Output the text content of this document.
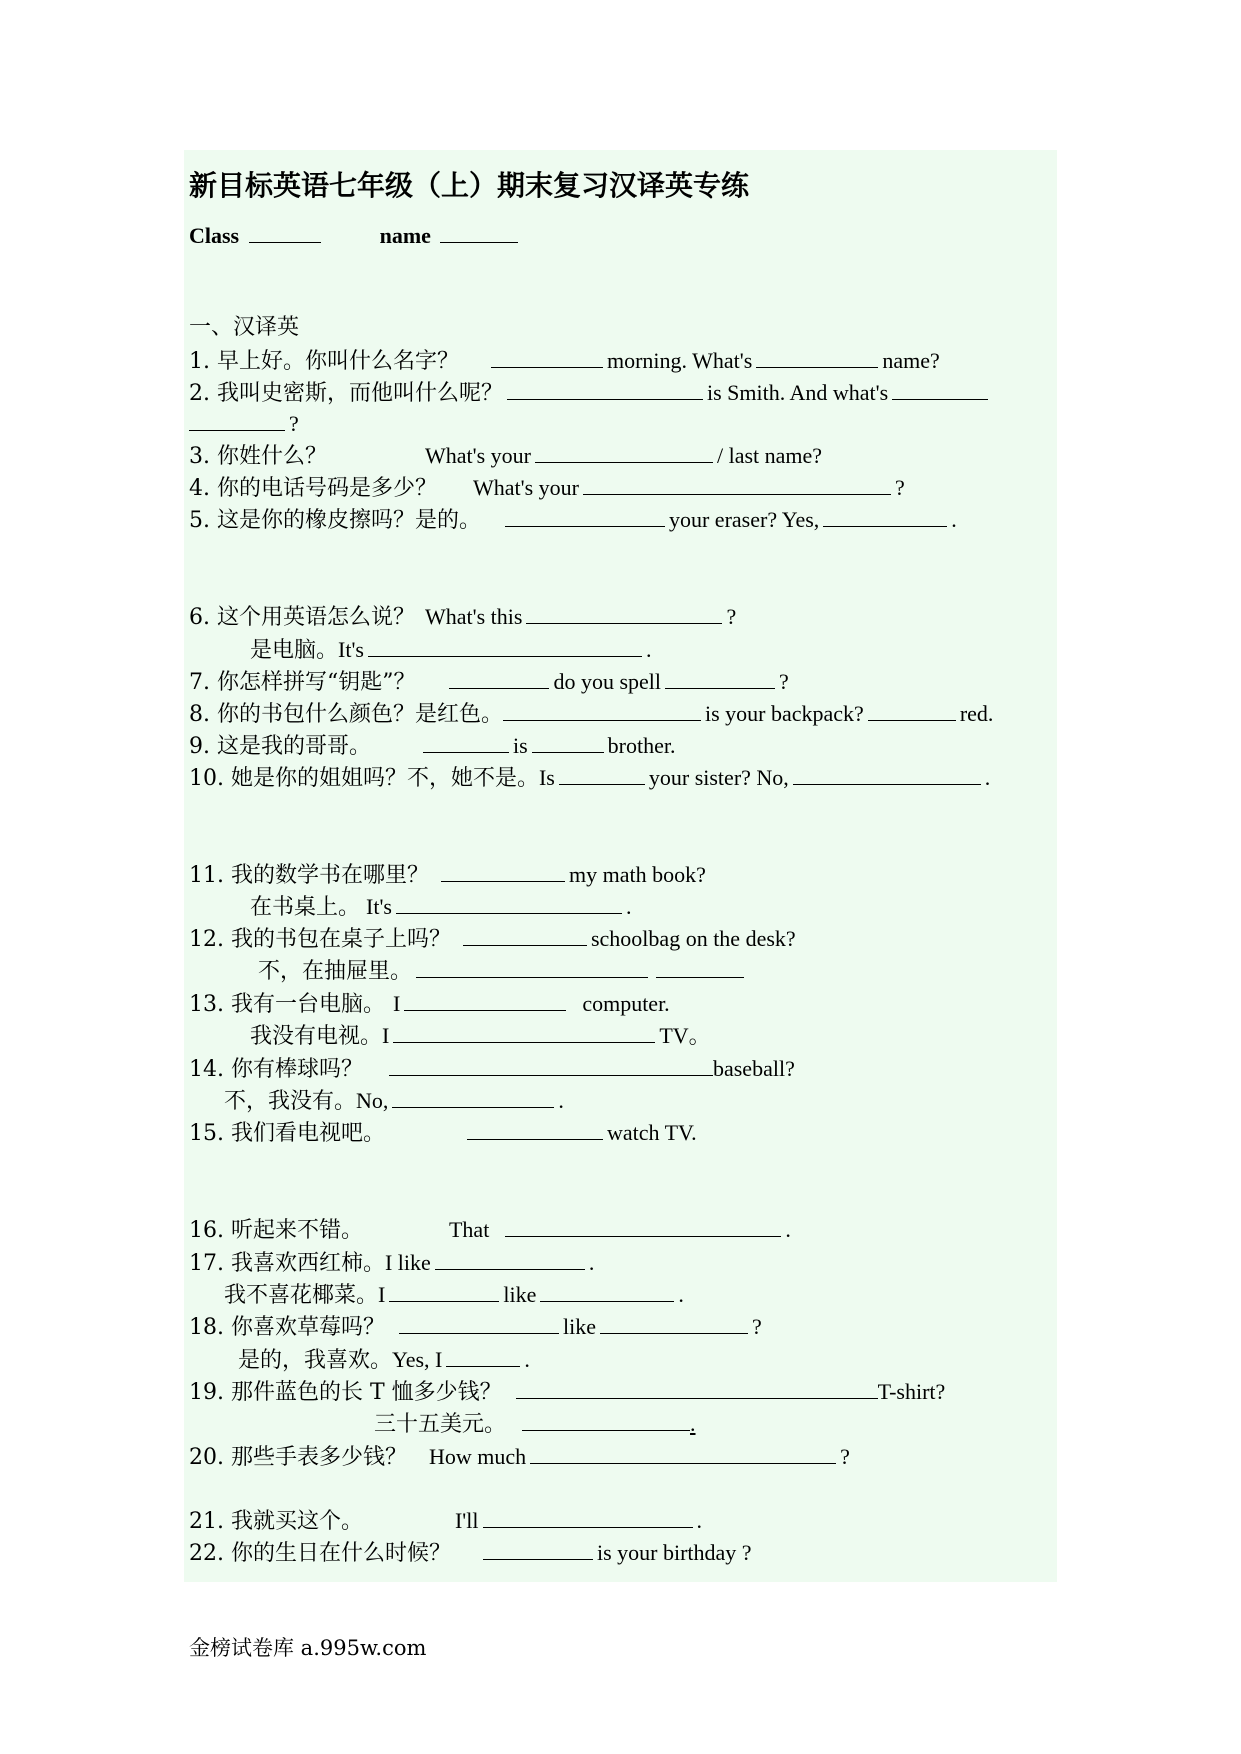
新目标英语七年级（上）期末复习汉译英专练
Class	name
一、汉译英
1. 早上好。你叫什么名字？	morning. What's	name?
2. 我叫史密斯，而他叫什么呢？	is Smith. And what's
?
3. 你姓什么？	What's your	/ last name?
4. 你的电话号码是多少？ What's your	?
5. 这是你的橡皮擦吗？是的。	your eraser? Yes,	.
6. 这个用英语怎么说？ What's this	?
是电脑。It's	.
7. 你怎样拼写“钥匙”？	do you spell	?
8. 你的书包什么颜色？是红色。	is your backpack?	red.
9. 这是我的哥哥。	is	brother.
10. 她是你的姐姐吗？不，她不是。Is	your sister? No,	.
11. 我的数学书在哪里？	my math book?
在书桌上。 It's	.
12. 我的书包在桌子上吗？	schoolbag on the desk?
不，在抽屉里。
13. 我有一台电脑。 I	computer.
我没有电视。I	TV。
14. 你有棒球吗？	baseball?
不，我没有。No,	.
15. 我们看电视吧。	watch TV.
16. 听起来不错。	That	.
17. 我喜欢西红柿。I like	.
我不喜花椰菜。I	like	.
18. 你喜欢草莓吗？	like	?
是的，我喜欢。Yes, I	.
19. 那件蓝色的长 T 恤多少钱？	T-shirt?
三十五美元。	.
20. 那些手表多少钱？ How much	?
21. 我就买这个。	I'll	.
22. 你的生日在什么时候？	is your birthday ?
金榜试卷库 a.995w.com
